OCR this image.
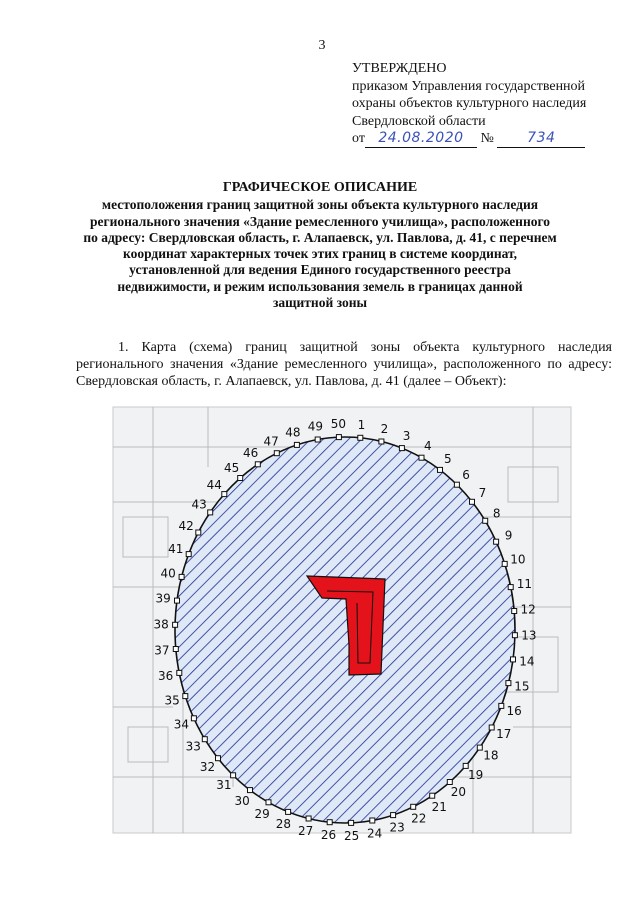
3
УТВЕРЖДЕНО
приказом Управления государственной
охраны объектов культурного наследия
Свердловской области
от 24.08.2020 № 734
ГРАФИЧЕСКОЕ ОПИСАНИЕ
местоположения границ защитной зоны объекта культурного наследия
регионального значения «Здание ремесленного училища», расположенного
по адресу: Свердловская область, г. Алапаевск, ул. Павлова, д. 41, с перечнем
координат характерных точек этих границ в системе координат,
установленной для ведения Единого государственного реестра
недвижимости, и режим использования земель в границах данной
защитной зоны
1. Карта (схема) границ защитной зоны объекта культурного наследия регионального значения «Здание ремесленного училища», расположенного по адресу: Свердловская область, г. Алапаевск, ул. Павлова, д. 41 (далее – Объект):
1 2
3
4
5
6
7
8
9
10
11
12
13
14
15
16
17
18
19
20
21
22
23
24
25
26
27
28
29
30
31
32
33
34
35
36
37
38
39
40
41
42
43
44
45
46
47
48 49 50
